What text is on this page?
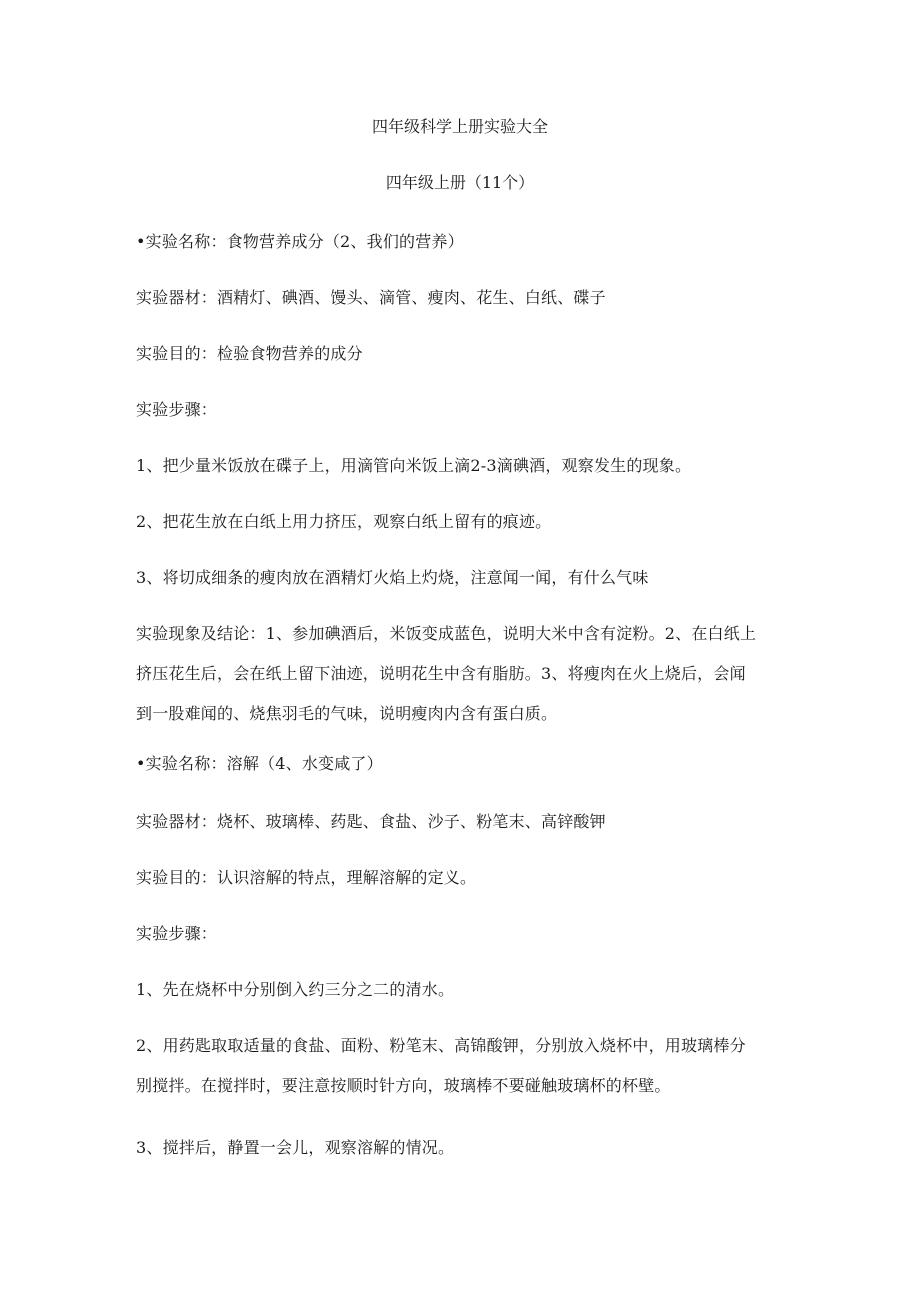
四年级科学上册实验大全
四年级上册（11个）
•实验名称：食物营养成分（2、我们的营养）
实验器材：酒精灯、碘酒、馒头、滴管、瘦肉、花生、白纸、碟子
实验目的：检验食物营养的成分
实验步骤：
1、把少量米饭放在碟子上，用滴管向米饭上滴2-3滴碘酒，观察发生的现象。
2、把花生放在白纸上用力挤压，观察白纸上留有的痕迹。
3、将切成细条的瘦肉放在酒精灯火焰上灼烧，注意闻一闻，有什么气味
实验现象及结论：1、参加碘酒后，米饭变成蓝色，说明大米中含有淀粉。2、在白纸上
挤压花生后，会在纸上留下油迹，说明花生中含有脂肪。3、将瘦肉在火上烧后，会闻
到一股难闻的、烧焦羽毛的气味，说明瘦肉内含有蛋白质。
•实验名称：溶解（4、水变咸了）
实验器材：烧杯、玻璃棒、药匙、食盐、沙子、粉笔末、高锌酸钾
实验目的：认识溶解的特点，理解溶解的定义。
实验步骤：
1、先在烧杯中分别倒入约三分之二的清水。
2、用药匙取取适量的食盐、面粉、粉笔末、高锦酸钾，分别放入烧杯中，用玻璃棒分
别搅拌。在搅拌时，要注意按顺时针方向，玻璃棒不要碰触玻璃杯的杯壁。
3、搅拌后，静置一会儿，观察溶解的情况。
